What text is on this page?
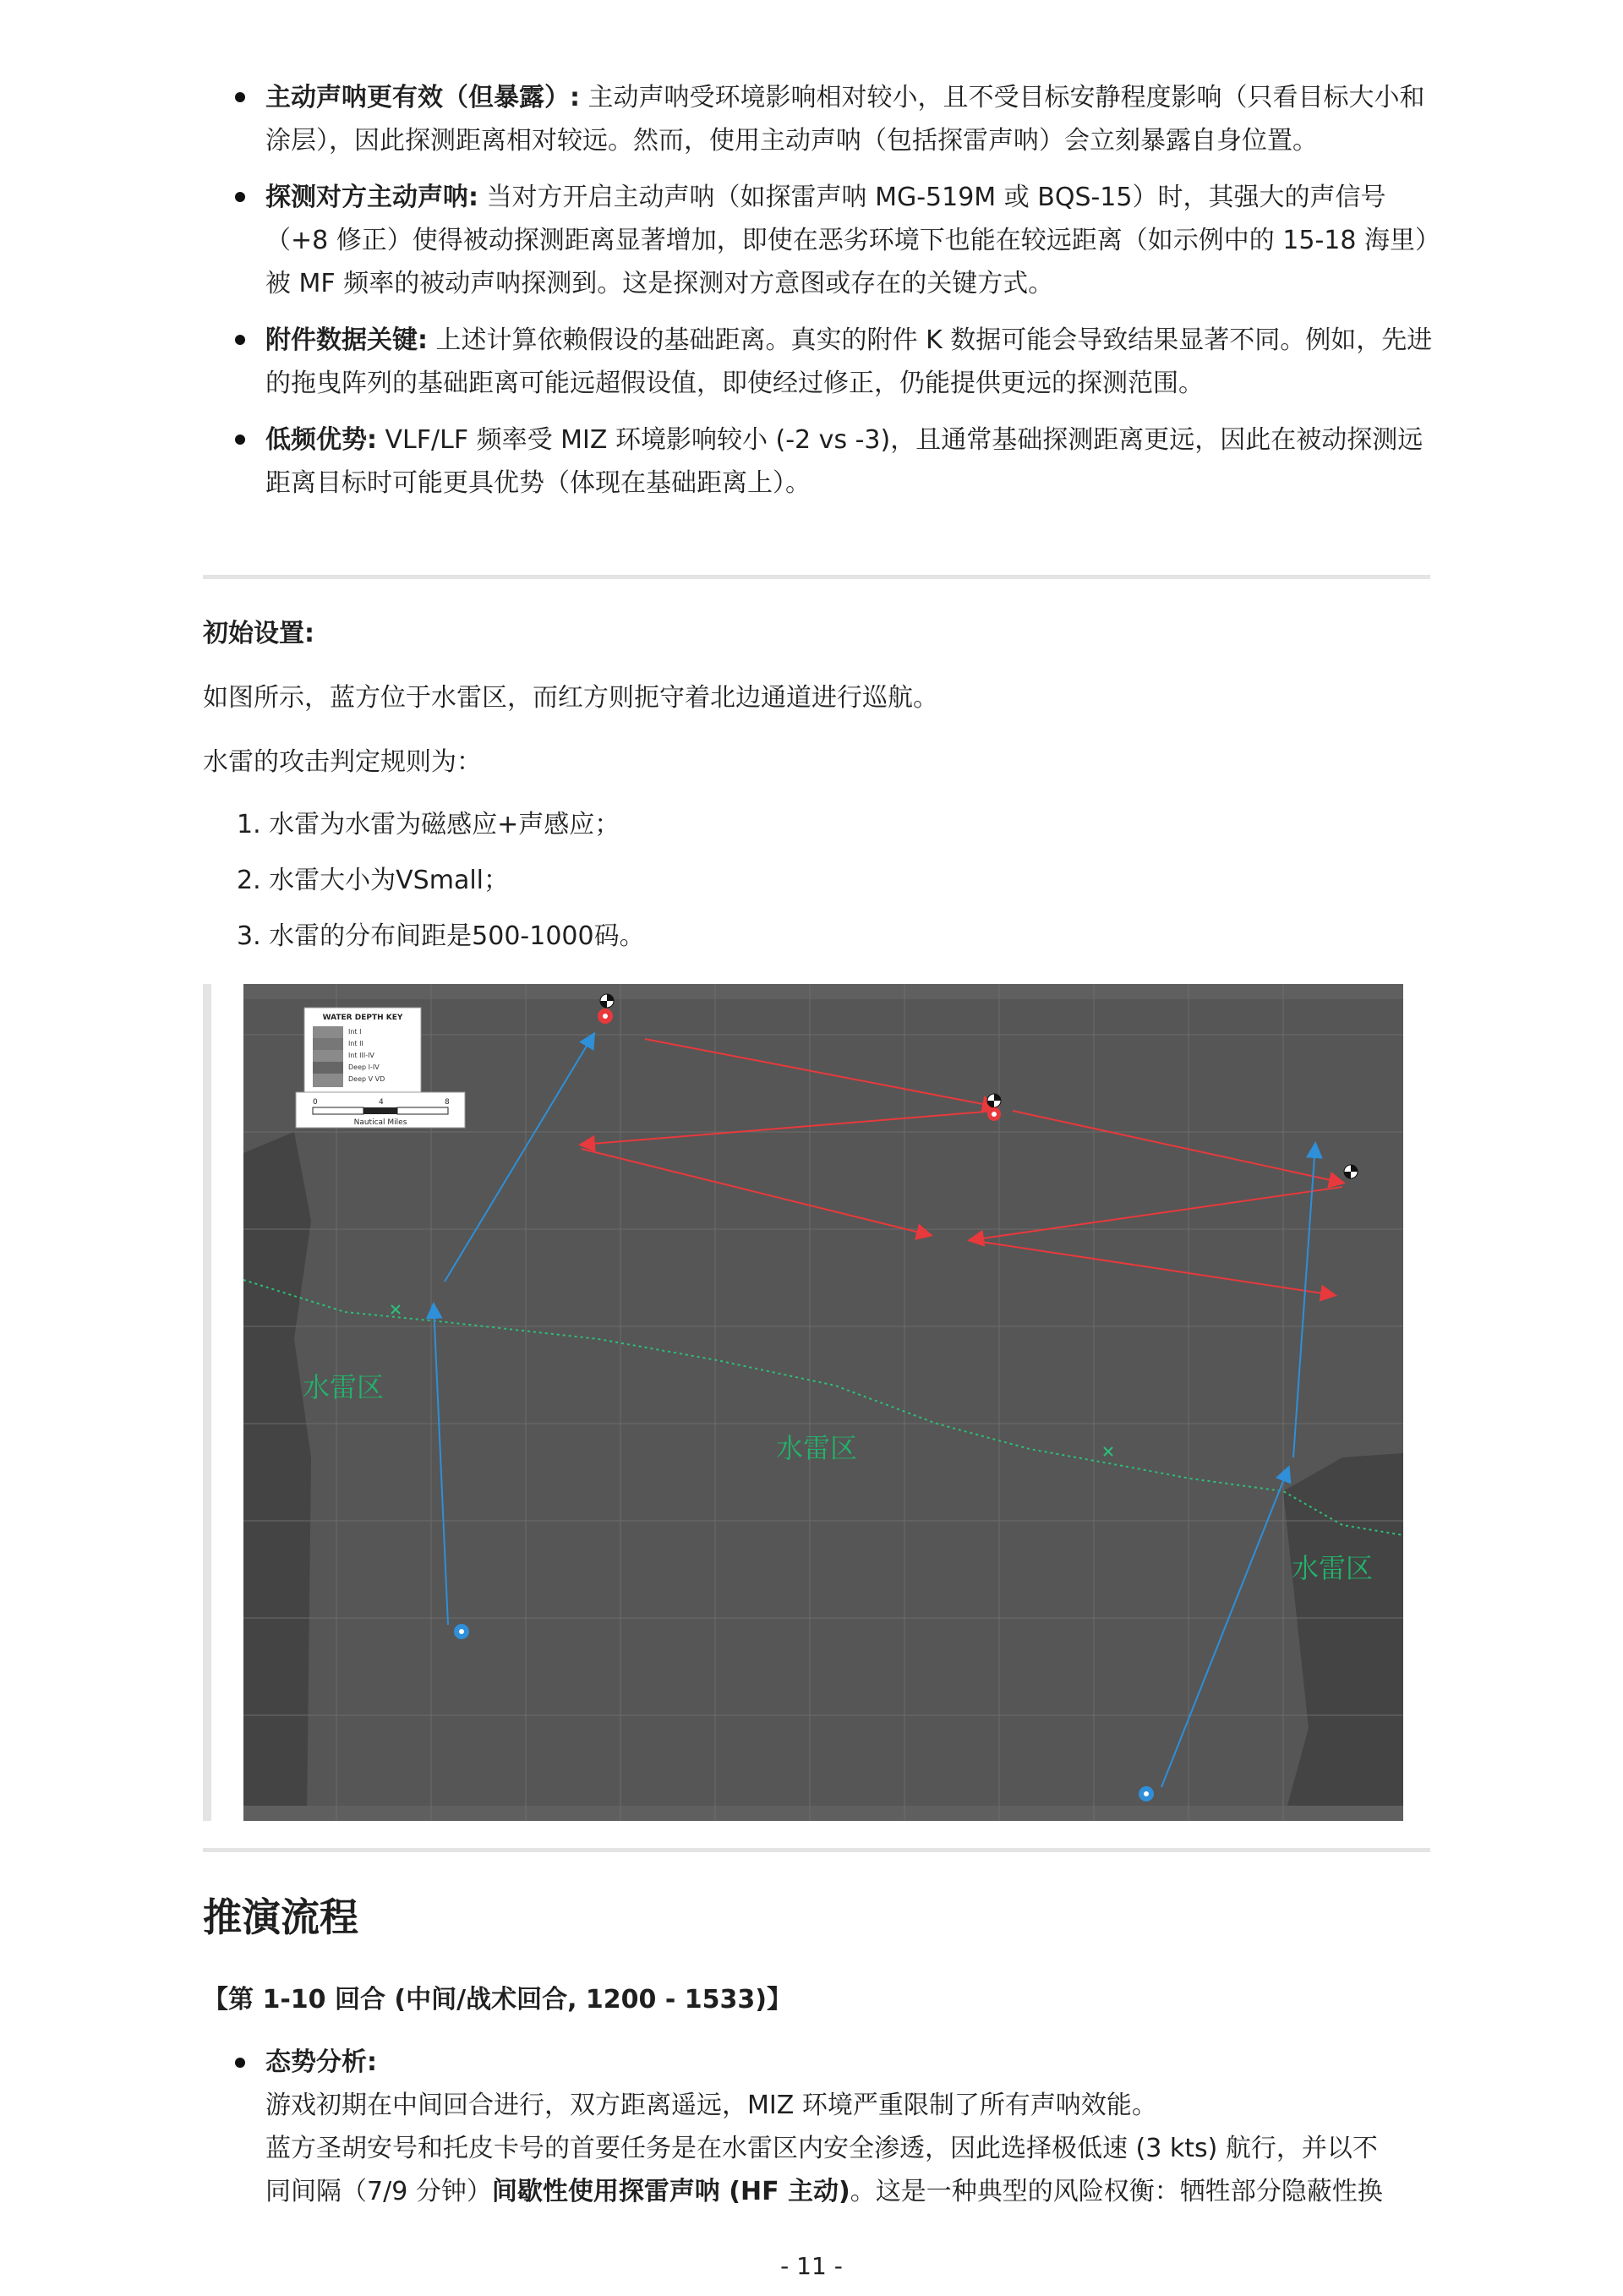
主动声呐更有效（但暴露）: 主动声呐受环境影响相对较小，且不受目标安静程度影响（只看目标大小和涂层），因此探测距离相对较远。然而，使用主动声呐（包括探雷声呐）会立刻暴露自身位置。
探测对方主动声呐: 当对方开启主动声呐（如探雷声呐 MG-519M 或 BQS-15）时，其强大的声信号（+8 修正）使得被动探测距离显著增加，即使在恶劣环境下也能在较远距离（如示例中的 15-18 海里）被 MF 频率的被动声呐探测到。这是探测对方意图或存在的关键方式。
附件数据关键: 上述计算依赖假设的基础距离。真实的附件 K 数据可能会导致结果显著不同。例如，先进的拖曳阵列的基础距离可能远超假设值，即使经过修正，仍能提供更远的探测范围。
低频优势: VLF/LF 频率受 MIZ 环境影响较小 (-2 vs -3)，且通常基础探测距离更远，因此在被动探测远距离目标时可能更具优势（体现在基础距离上）。
初始设置:
如图所示，蓝方位于水雷区，而红方则扼守着北边通道进行巡航。
水雷的攻击判定规则为：
1. 水雷为水雷为磁感应+声感应；
2. 水雷大小为VSmall；
3. 水雷的分布间距是500-1000码。
WATER DEPTH KEY
Int I
Int II
Int III-IV
Deep I-IV
Deep V VD
0	4	8
Nautical Miles
水雷区
水雷区
水雷区
推演流程
【第 1-10 回合 (中间/战术回合, 1200 - 1533)】
态势分析:
游戏初期在中间回合进行，双方距离遥远，MIZ 环境严重限制了所有声呐效能。
蓝方圣胡安号和托皮卡号的首要任务是在水雷区内安全渗透，因此选择极低速 (3 kts) 航行，并以不
同间隔（7/9 分钟）间歇性使用探雷声呐 (HF 主动)。这是一种典型的风险权衡：牺牲部分隐蔽性换
- 11 -
